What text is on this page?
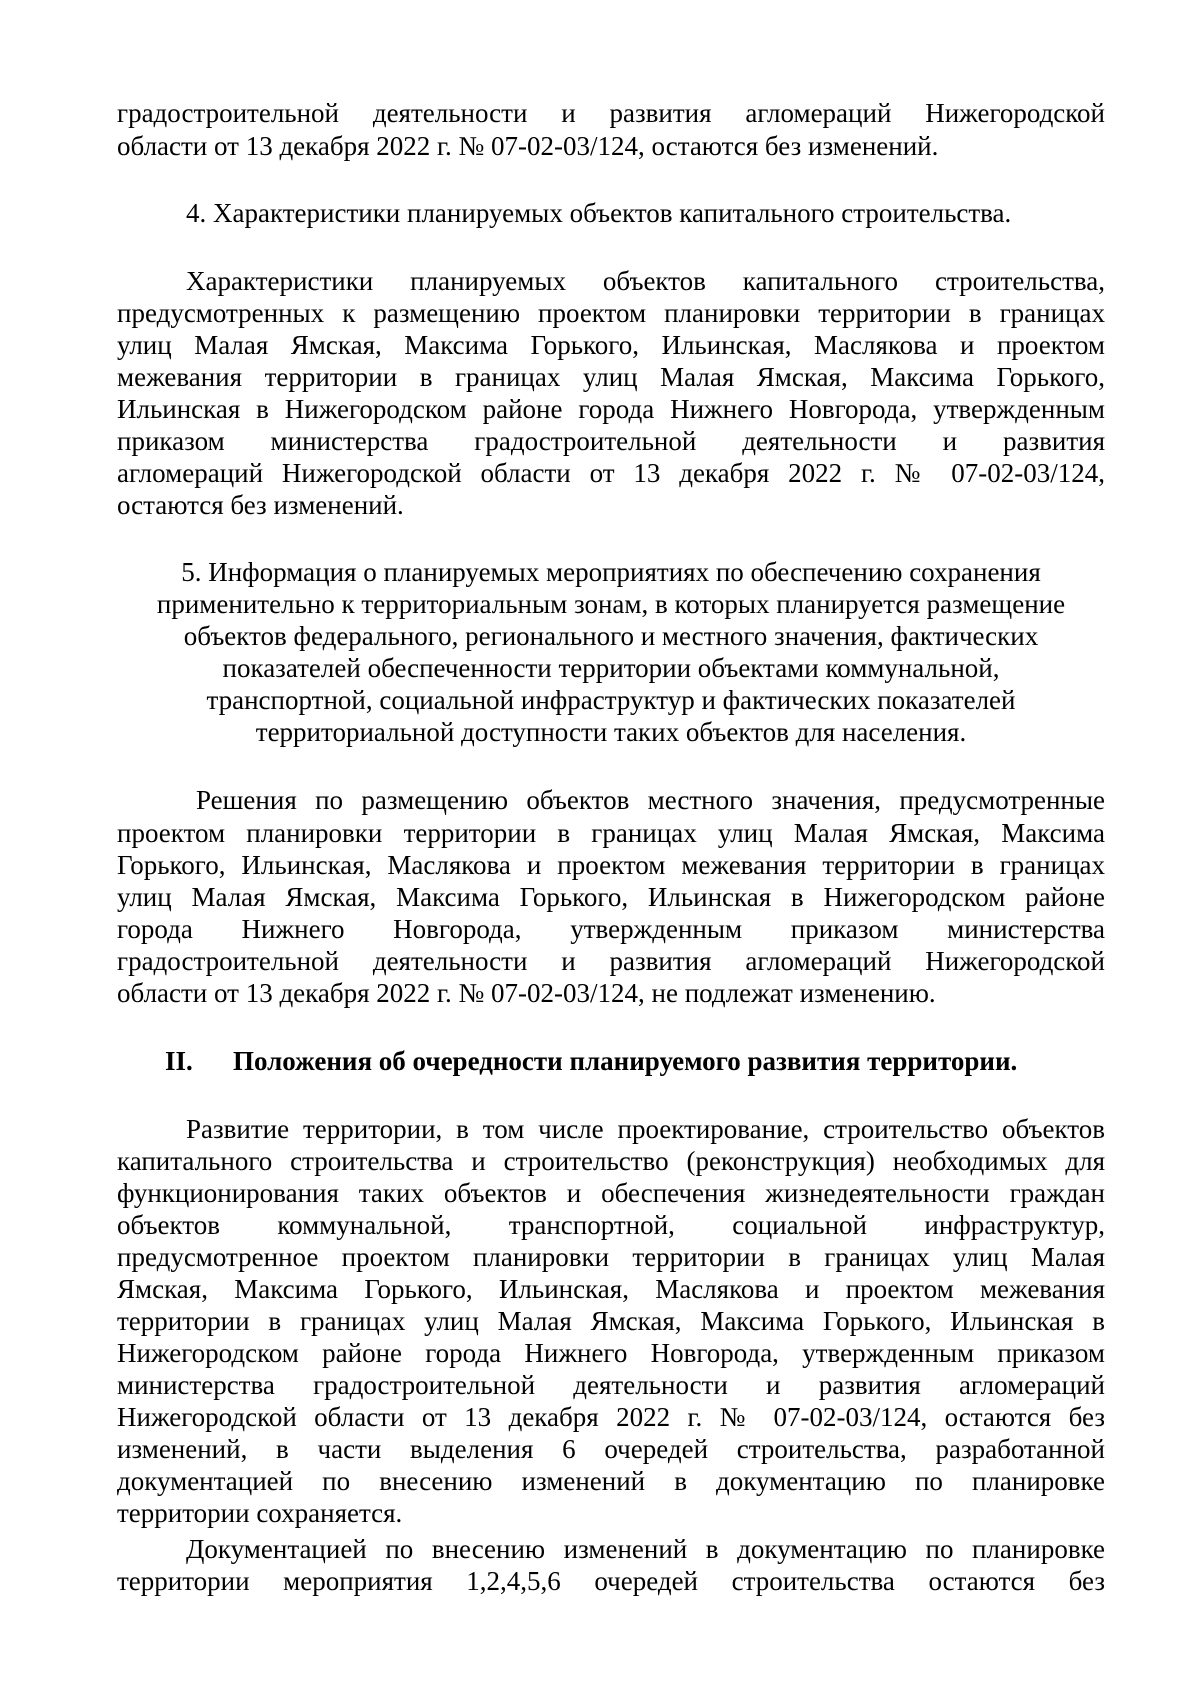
градостроительной деятельности и развития агломераций Нижегородской
области от 13 декабря 2022 г. № 07-02-03/124, остаются без изменений.
4. Характеристики планируемых объектов капитального строительства.
Характеристики планируемых объектов капитального строительства,
предусмотренных к размещению проектом планировки территории в границах
улиц Малая Ямская, Максима Горького, Ильинская, Маслякова и проектом
межевания территории в границах улиц Малая Ямская, Максима Горького,
Ильинская в Нижегородском районе города Нижнего Новгорода, утвержденным
приказом министерства градостроительной деятельности и развития
агломераций Нижегородской области от 13 декабря 2022 г. № 07-02-03/124,
остаются без изменений.
5. Информация о планируемых мероприятиях по обеспечению сохранения
применительно к территориальным зонам, в которых планируется размещение
объектов федерального, регионального и местного значения, фактических
показателей обеспеченности территории объектами коммунальной,
транспортной, социальной инфраструктур и фактических показателей
территориальной доступности таких объектов для населения.
Решения по размещению объектов местного значения, предусмотренные
проектом планировки территории в границах улиц Малая Ямская, Максима
Горького, Ильинская, Маслякова и проектом межевания территории в границах
улиц Малая Ямская, Максима Горького, Ильинская в Нижегородском районе
города Нижнего Новгорода, утвержденным приказом министерства
градостроительной деятельности и развития агломераций Нижегородской
области от 13 декабря 2022 г. № 07-02-03/124, не подлежат изменению.
II. Положения об очередности планируемого развития территории.
Развитие территории, в том числе проектирование, строительство объектов
капитального строительства и строительство (реконструкция) необходимых для
функционирования таких объектов и обеспечения жизнедеятельности граждан
объектов коммунальной, транспортной, социальной инфраструктур,
предусмотренное проектом планировки территории в границах улиц Малая
Ямская, Максима Горького, Ильинская, Маслякова и проектом межевания
территории в границах улиц Малая Ямская, Максима Горького, Ильинская в
Нижегородском районе города Нижнего Новгорода, утвержденным приказом
министерства градостроительной деятельности и развития агломераций
Нижегородской области от 13 декабря 2022 г. № 07-02-03/124, остаются без
изменений, в части выделения 6 очередей строительства, разработанной
документацией по внесению изменений в документацию по планировке
территории сохраняется.
Документацией по внесению изменений в документацию по планировке
территории мероприятия 1,2,4,5,6 очередей строительства остаются без
